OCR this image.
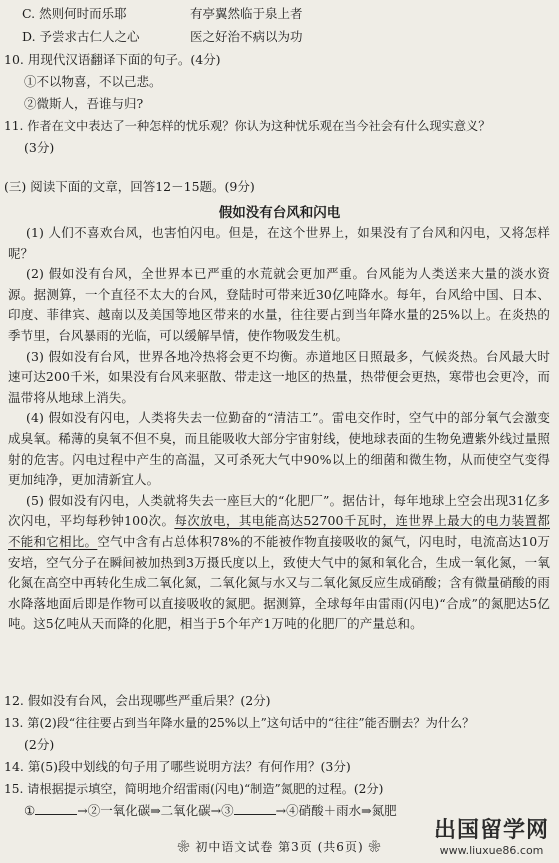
C. 然则何时而乐耶	有亭翼然临于泉上者
D. 予尝求古仁人之心	医之好治不病以为功
10. 用现代汉语翻译下面的句子。(4分)
①不以物喜，不以己悲。
②微斯人，吾谁与归?
11. 作者在文中表达了一种怎样的忧乐观？你认为这种忧乐观在当今社会有什么现实意义？
(3分)
(三) 阅读下面的文章，回答12－15题。(9分)
假如没有台风和闪电
(1) 人们不喜欢台风，也害怕闪电。但是，在这个世界上，如果没有了台风和闪电，又将怎样呢？
(2) 假如没有台风，全世界本已严重的水荒就会更加严重。台风能为人类送来大量的淡水资源。据测算，一个直径不太大的台风，登陆时可带来近30亿吨降水。每年，台风给中国、日本、印度、菲律宾、越南以及美国等地区带来的水量，往往要占到当年降水量的25%以上。在炎热的季节里，台风暴雨的光临，可以缓解旱情，使作物吸发生机。
(3) 假如没有台风，世界各地冷热将会更不均衡。赤道地区日照最多，气候炎热。台风最大时速可达200千米，如果没有台风来驱散、带走这一地区的热量，热带便会更热，寒带也会更冷，而温带将从地球上消失。
(4) 假如没有闪电，人类将失去一位勤奋的“清洁工”。雷电交作时，空气中的部分氧气会激变成臭氧。稀薄的臭氧不但不臭，而且能吸收大部分宇宙射线，使地球表面的生物免遭紫外线过量照射的危害。闪电过程中产生的高温，又可杀死大气中90%以上的细菌和微生物，从而使空气变得更加纯净，更加清新宜人。
(5) 假如没有闪电，人类就将失去一座巨大的“化肥厂”。据估计，每年地球上空会出现31亿多次闪电，平均每秒钟100次。每次放电，其电能高达52700千瓦时，连世界上最大的电力装置都不能和它相比。空气中含有占总体积78%的不能被作物直接吸收的氮气，闪电时，电流高达10万安培，空气分子在瞬间被加热到3万摄氏度以上，致使大气中的氮和氧化合，生成一氧化氮，一氧化氮在高空中再转化生成二氧化氮，二氧化氮与水又与二氧化氮反应生成硝酸；含有微量硝酸的雨水降落地面后即是作物可以直接吸收的氮肥。据测算，全球每年由雷雨(闪电)“合成”的氮肥达5亿吨。这5亿吨从天而降的化肥，相当于5个年产1万吨的化肥厂的产量总和。
12. 假如没有台风，会出现哪些严重后果？(2分)
13. 第(2)段“往往要占到当年降水量的25%以上”这句话中的“往往”能否删去？为什么？
(2分)
14. 第(5)段中划线的句子用了哪些说明方法？有何作用？(3分)
15. 请根据提示填空，简明地介绍雷雨(闪电)“制造”氮肥的过程。(2分)
①	→②一氧化碳⇒二氧化碳→③	→④硝酸＋雨水⇒氮肥
❀ 初中语文试卷 第3页 (共6页) ❀
出国留学网
www.liuxue86.com
